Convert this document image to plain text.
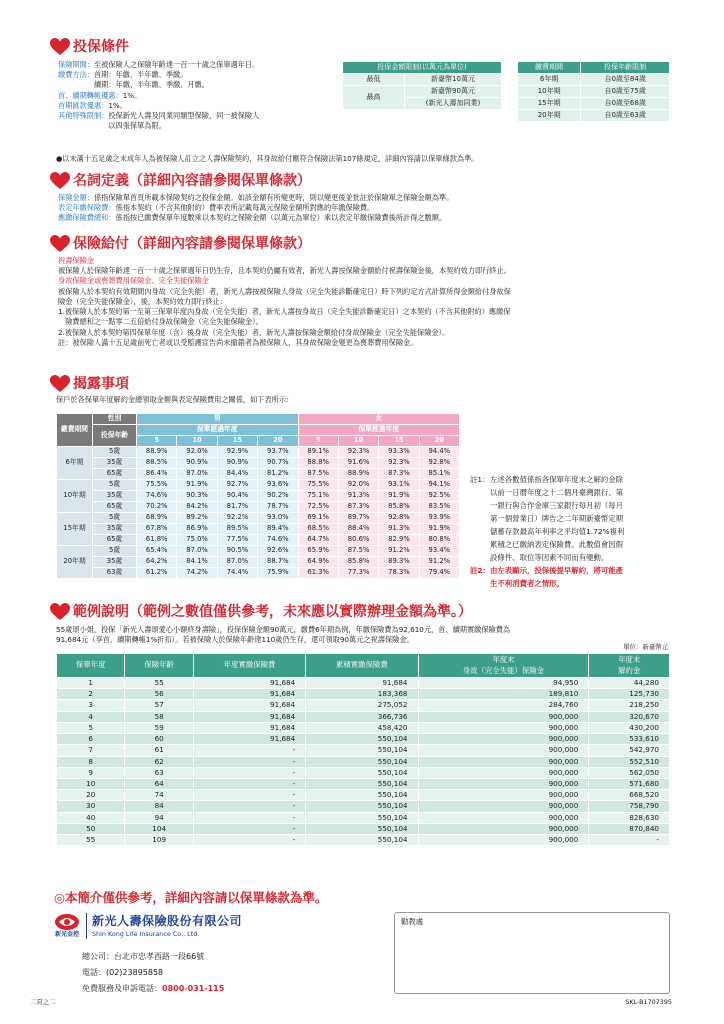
投保條件
保險期間：至被保險人之保險年齡達一百一十歲之保單週年日。
繳費方法：首期：年繳、半年繳、季繳。
　　　　　續期：年繳、半年繳、季繳、月繳。
首、續期轉帳優惠：1%。
首期匯款優惠：1%。
其他特殊限制：投保新光人壽及同業同類型保險，同一被保險人
　　　　　　　以四張保單為限。
投保金額限制(以萬元為單位)	
最低	新臺幣10萬元
最高	新臺幣90萬元
	(新光人壽加同業)
繳費期間	投保年齡限制
6年期	自0歲至84歲
10年期	自0歲至75歲
15年期	自0歲至68歲
20年期	自0歲至63歲
●以未滿十五足歲之未成年人為被保險人訂立之人壽保險契約，其身故給付應符合保險法第107條規定，詳細內容請以保單條款為準。
名詞定義（詳細內容請參閱保單條款）
保險金額：係指保險單首頁所載本保險契約之投保金額。如該金額有所變更時，則以變更後並批註於保險單之保險金額為準。
表定年繳保險費：係指本契約（不含其他附約）費率表所記載每萬元保險金額所對應的年繳保險費。
應繳保險費總和：係指按已繳費保單年度數乘以本契約之保險金額（以萬元為單位）乘以表定年繳保險費後所計得之數額。
保險給付（詳細內容請參閱保單條款）
祝壽保險金
被保險人於保險年齡達一百一十歲之保單週年日仍生存，且本契約仍屬有效者，新光人壽按保險金額給付祝壽保險金後，本契約效力即行終止。
身故保險金或喪葬費用保險金、完全失能保險金
被保險人於本契約有效期間內身故（完全失能）者，新光人壽按被保險人身故（完全失能診斷確定日）時下列約定方式計算所得金額給付身故保
險金（完全失能保險金），後，本契約效力即行終止：
1.被保險人於本契約第一至第三保單年度內身故（完全失能）者，新光人壽按身故日（完全失能診斷確定日）之本契約（不含其他附約）應繳保
　險費總和之一點零二五倍給付身故保險金（完全失能保險金）。
2.被保險人於本契約第四保單年度（含）後身故（完全失能）者，新光人壽按保險金額給付身故保險金（完全失能保險金）。
註：被保險人滿十五足歲前死亡者或以受監護宣告尚未撤銷者為被保險人，其身故保險金變更為喪葬費用保險金。
揭露事項
保戶於各保單年度解約金總領取金額與表定保險費用之關係，如下表所示：
繳費期間	性別	男				女			
	投保年齡	保單經過年度				保單經過年度			
		5	10	15	20	5	10	15	20
6年期	5歲	88.9%	92.0%	92.9%	93.7%	89.1%	92.3%	93.3%	94.4%
	35歲	88.5%	90.9%	90.9%	90.7%	88.8%	91.6%	92.3%	92.8%
	65歲	86.4%	87.0%	84.4%	81.2%	87.5%	88.9%	87.3%	85.1%
10年期	5歲	75.5%	91.9%	92.7%	93.6%	75.5%	92.0%	93.1%	94.1%
	35歲	74.6%	90.3%	90.4%	90.2%	75.1%	91.3%	91.9%	92.5%
	65歲	70.2%	84.2%	81.7%	78.7%	72.5%	87.3%	85.8%	83.5%
15年期	5歲	68.9%	89.2%	92.2%	93.0%	69.1%	89.7%	92.8%	93.9%
	35歲	67.8%	86.9%	89.5%	89.4%	68.5%	88.4%	91.3%	91.9%
	65歲	61.8%	75.0%	77.5%	74.6%	64.7%	80.6%	82.9%	80.8%
20年期	5歲	65.4%	87.0%	90.5%	92.6%	65.9%	87.5%	91.2%	93.4%
	35歲	64.2%	84.1%	87.0%	88.7%	64.9%	85.8%	89.3%	91.2%
	63歲	61.2%	74.2%	74.4%	75.9%	61.3%	77.3%	78.3%	79.4%
註1： 左述各數值係指各保單年度末之解約金除
以前一日曆年度之十二個月臺灣銀行、第
一銀行與合作金庫三家銀行每月初（每月
第一個營業日）牌告之二年期新臺幣定期
儲蓄存款最高年利率之平均值1.72%複利
累積之已繳納表定保險費。此數值會因假
設條件、取位等因素不同而有變動。
註2： 由左表顯示，投保後提早解約，將可能產
生不利消費者之情形。
範例說明（範例之數值僅供參考，未來應以實際辦理金額為準。）
55歲頌小姐，投保「新光人壽頌愛心小額終身壽險」，投保保險金額90萬元，繳費6年期為例，年繳保險費為92,610元，首、續期實繳保險費為
91,684元（享首、續期轉帳1%折扣）。若被保險人於保險年齡達110歲仍生存，還可領取90萬元之祝壽保險金。
單位：新臺幣元
保單年度	保險年齡	年度實繳保險費	累積實繳保險費	年度末
身故（完全失能）保險金	年度末
解約金
1	55	91,684	91,684	94,950	44,280
2	56	91,684	183,368	189,810	125,730
3	57	91,684	275,052	284,760	218,250
4	58	91,684	366,736	900,000	320,670
5	59	91,684	458,420	900,000	430,200
6	60	91,684	550,104	900,000	533,610
7	61	-	550,104	900,000	542,970
8	62	-	550,104	900,000	552,510
9	63	-	550,104	900,000	562,050
10	64	-	550,104	900,000	571,680
20	74	-	550,104	900,000	668,520
30	84	-	550,104	900,000	758,790
40	94	-	550,104	900,000	828,630
50	104	-	550,104	900,000	870,840
55	109	-	550,104	900,000	-
◎本簡介僅供參考，詳細內容請以保單條款為準。
新光金控
新光人壽保險股份有限公司
Shin Kong Life Insurance Co., Ltd.
總公司：台北市忠孝西路一段66號
電話：(02)23895858
免費服務及申訴電話：0800-031-115
勸教處
二頁之二	SKL-B1707395
